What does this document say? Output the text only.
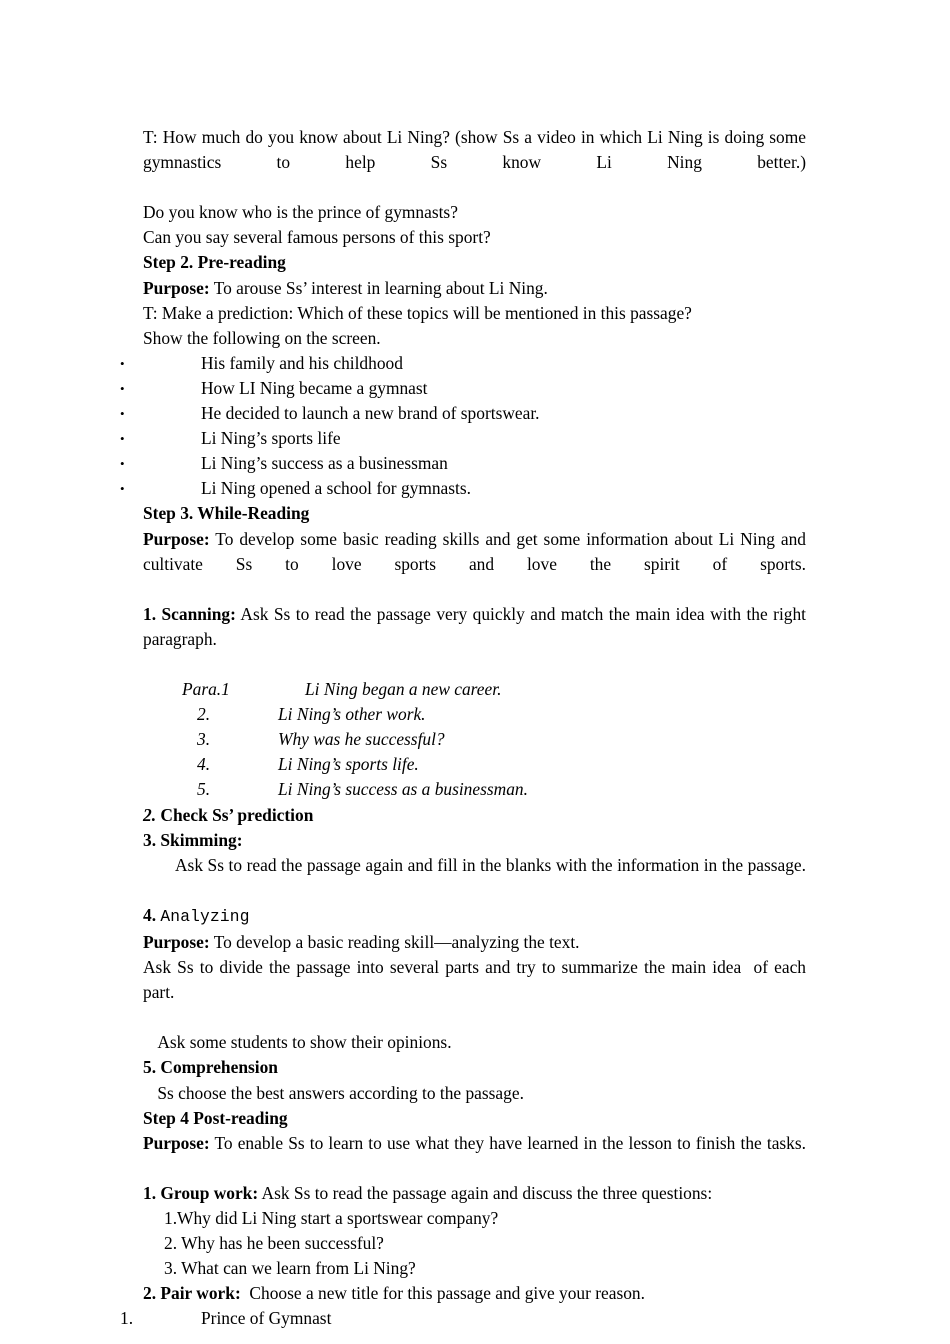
T: How much do you know about Li Ning? (show Ss a video in which Li Ning is doing some gymnastics to help Ss know Li Ning better.)

Do you know who is the prince of gymnasts?

Can you say several famous persons of this sport?

Step 2. Pre-reading

Purpose: To arouse Ss’ interest in learning about Li Ning.

T: Make a prediction: Which of these topics will be mentioned in this passage?

Show the following on the screen.

•	His family and his childhood
•	How LI Ning became a gymnast
•	He decided to launch a new brand of sportswear.
•	Li Ning’s sports life
•	Li Ning’s success as a businessman
•	Li Ning opened a school for gymnasts.

Step 3. While-Reading

Purpose: To develop some basic reading skills and get some information about Li Ning and cultivate Ss to love sports and love the spirit of sports.

1. Scanning: Ask Ss to read the passage very quickly and match the main idea with the right paragraph.

Para.1	Li Ning began a new career.
2.	Li Ning’s other work.
3.	Why was he successful?
4.	Li Ning’s sports life.
5.	Li Ning’s success as a businessman.

2. Check Ss’ prediction

3. Skimming:

Ask Ss to read the passage again and fill in the blanks with the information in the passage.

4. Analyzing

Purpose: To develop a basic reading skill—analyzing the text.

Ask Ss to divide the passage into several parts and try to summarize the main idea  of each part.

Ask some students to show their opinions.

5. Comprehension

Ss choose the best answers according to the passage.

Step 4 Post-reading

Purpose: To enable Ss to learn to use what they have learned in the lesson to finish the tasks.

1. Group work: Ask Ss to read the passage again and discuss the three questions:

1.Why did Li Ning start a sportswear company?

2. Why has he been successful?

3. What can we learn from Li Ning?

2. Pair work:  Choose a new title for this passage and give your reason.

1.	Prince of Gymnast
